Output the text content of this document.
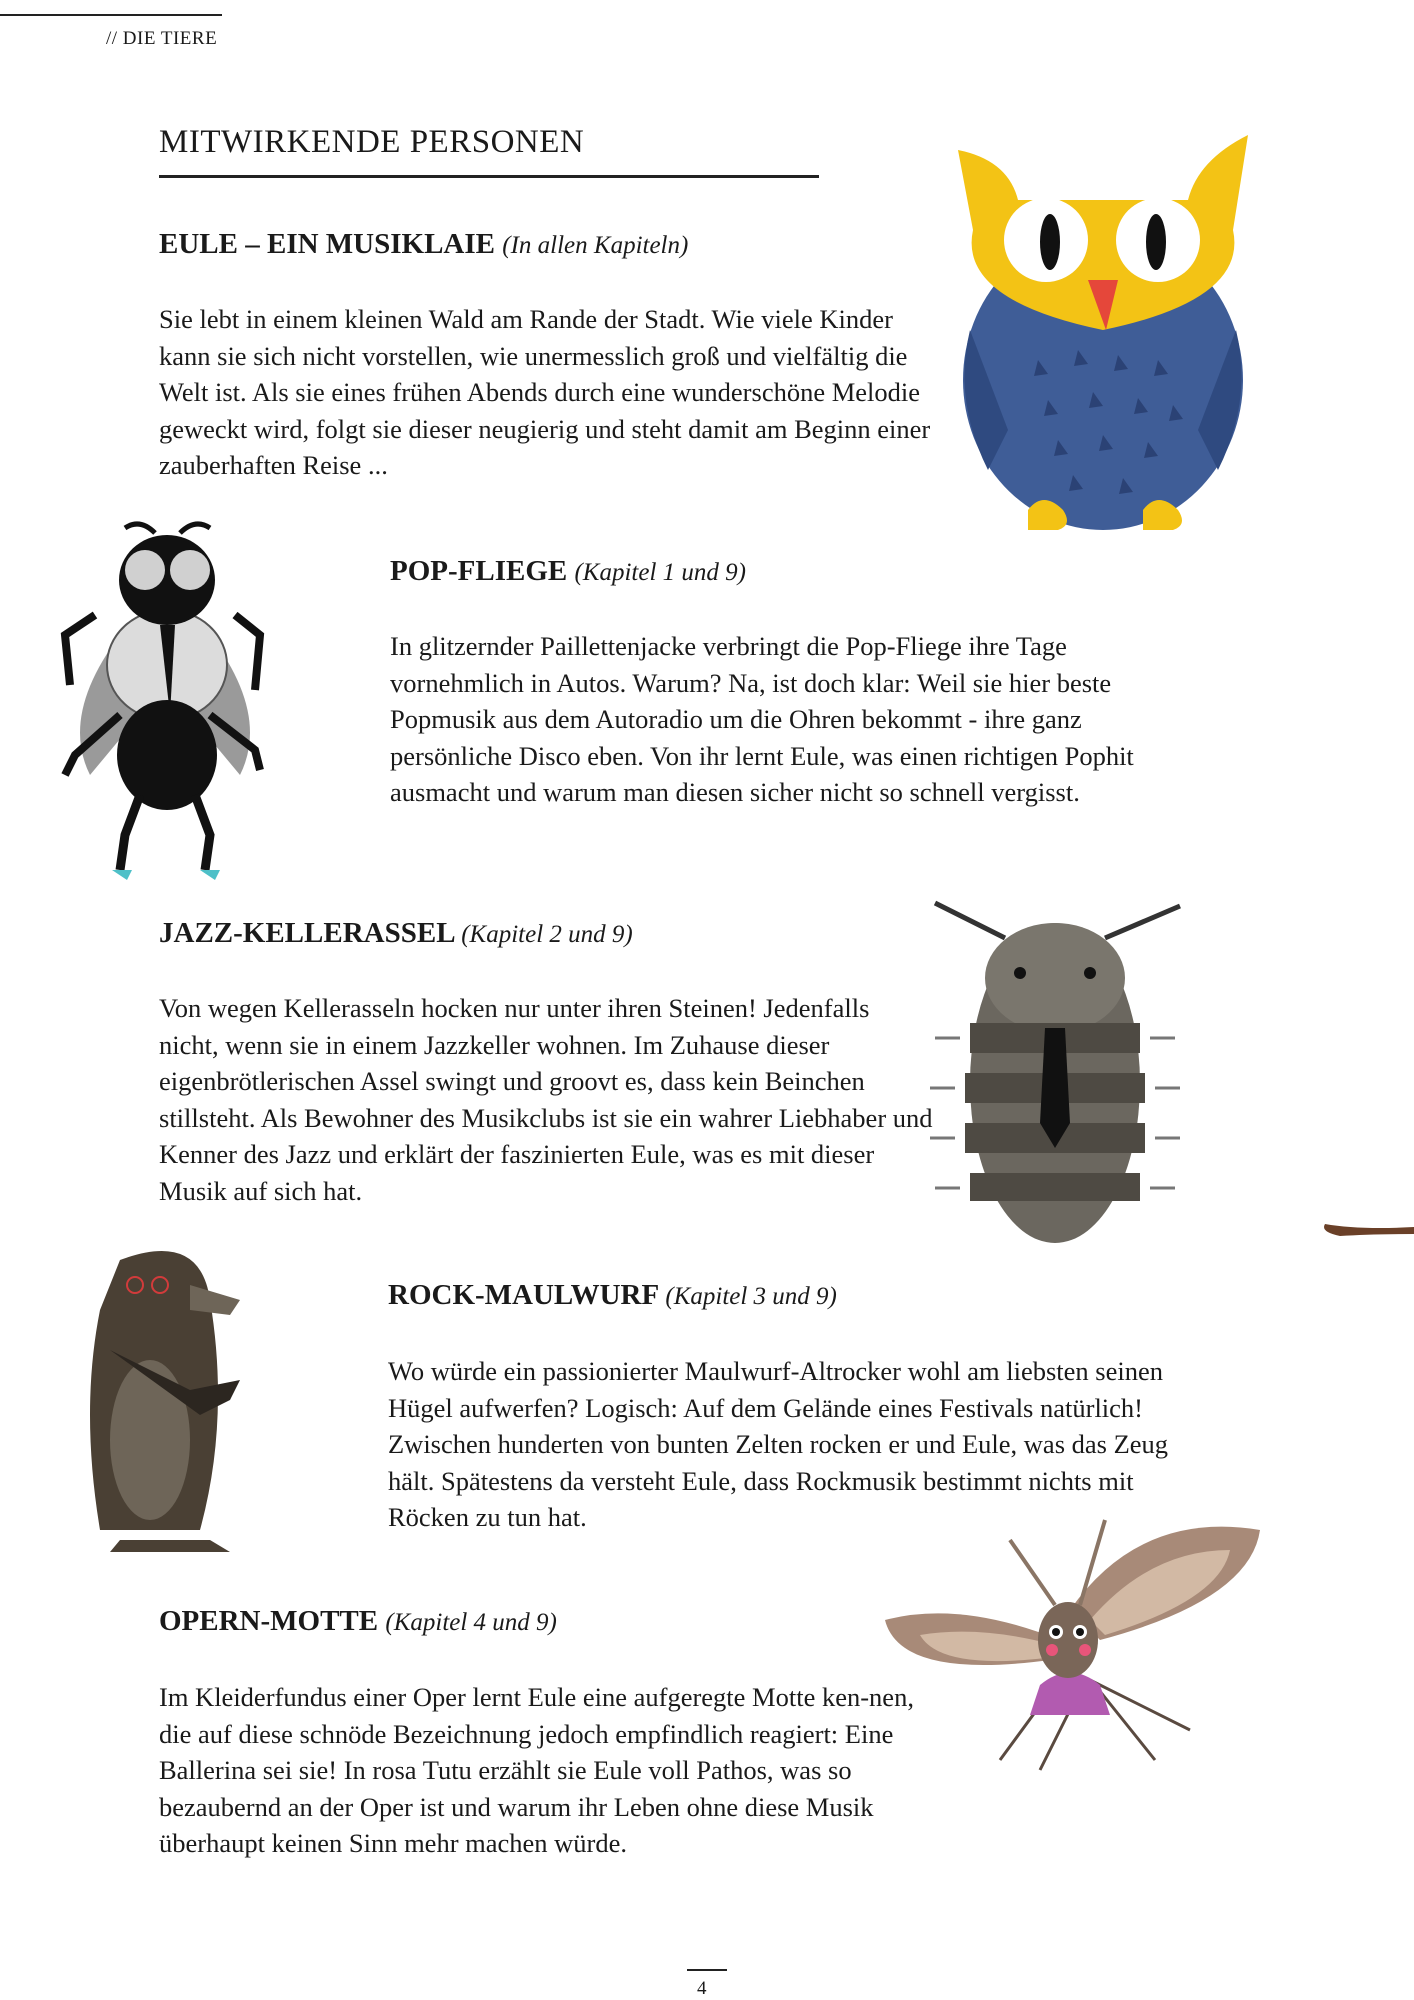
// DIE TIERE
MITWIRKENDE PERSONEN
EULE – EIN MUSIKLAIE (In allen Kapiteln)
Sie lebt in einem kleinen Wald am Rande der Stadt. Wie viele Kinder kann sie sich nicht vorstellen, wie unermesslich groß und vielfältig die Welt ist. Als sie eines frühen Abends durch eine wunderschöne Melodie geweckt wird, folgt sie dieser neugierig und steht damit am Beginn einer zauberhaften Reise ...
POP-FLIEGE (Kapitel 1 und 9)
In glitzernder Paillettenjacke verbringt die Pop-Fliege ihre Tage vornehmlich in Autos. Warum? Na, ist doch klar: Weil sie hier beste Popmusik aus dem Autoradio um die Ohren bekommt - ihre ganz persönliche Disco eben. Von ihr lernt Eule, was einen richtigen Pophit ausmacht und warum man diesen sicher nicht so schnell vergisst.
JAZZ-KELLERASSEL (Kapitel 2 und 9)
Von wegen Kellerasseln hocken nur unter ihren Steinen! Jedenfalls nicht, wenn sie in einem Jazzkeller wohnen. Im Zuhause dieser eigenbrötlerischen Assel swingt und groovt es, dass kein Beinchen stillsteht. Als Bewohner des Musikclubs ist sie ein wahrer Liebhaber und Kenner des Jazz und erklärt der faszinierten Eule, was es mit dieser Musik auf sich hat.
ROCK-MAULWURF (Kapitel 3 und 9)
Wo würde ein passionierter Maulwurf-Altrocker wohl am liebsten seinen Hügel aufwerfen? Logisch: Auf dem Gelände eines Festivals natürlich! Zwischen hunderten von bunten Zelten rocken er und Eule, was das Zeug hält. Spätestens da versteht Eule, dass Rockmusik bestimmt nichts mit Röcken zu tun hat.
OPERN-MOTTE (Kapitel 4 und 9)
Im Kleiderfundus einer Oper lernt Eule eine aufgeregte Motte ken-nen, die auf diese schnöde Bezeichnung jedoch empfindlich reagiert: Eine Ballerina sei sie! In rosa Tutu erzählt sie Eule voll Pathos, was so bezaubernd an der Oper ist und warum ihr Leben ohne diese Musik überhaupt keinen Sinn mehr machen würde.
4
